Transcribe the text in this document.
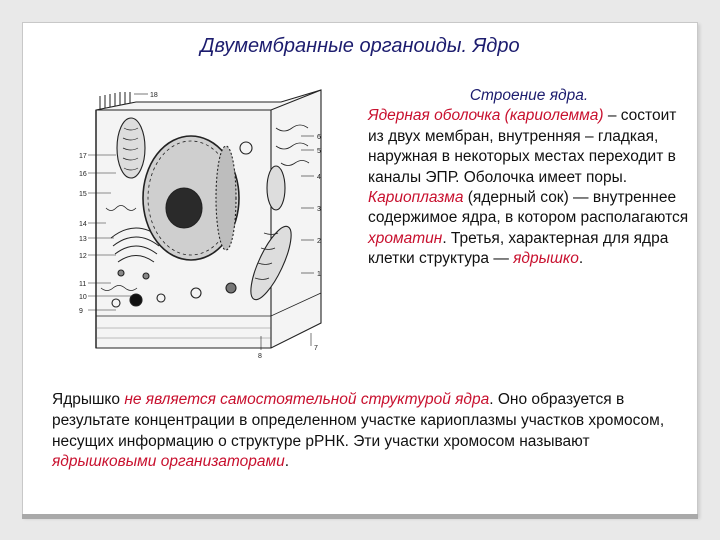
Двумембранные органоиды. Ядро
18
17
16
15
14
13
12
11
10
9
8
7
6
5
4
3
2
1
Строение ядра.
Ядерная оболочка (кариолемма) – состоит из двух мембран, внутренняя – гладкая, наружная в некоторых местах переходит в каналы ЭПР. Оболочка имеет поры. Кариоплазма (ядерный сок) — внутреннее содержимое ядра, в котором располагаются хроматин. Третья, характерная для ядра клетки структура — ядрышко.
Ядрышко не является самостоятельной структурой ядра. Оно образуется в результате концентрации в определенном участке кариоплазмы участков хромосом, несущих информацию о структуре рРНК. Эти участки хромосом называют ядрышковыми организаторами.
